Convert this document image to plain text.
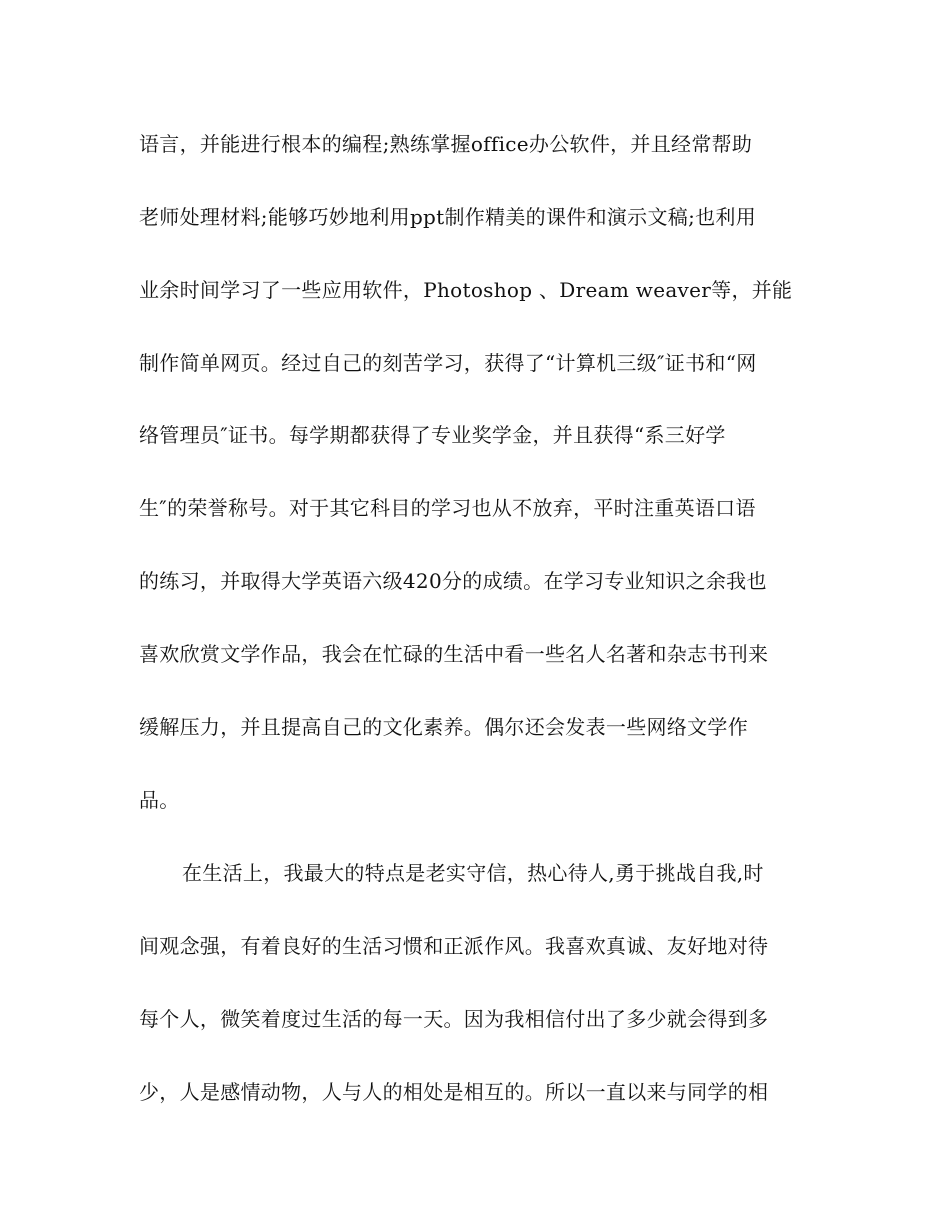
语言，并能进行根本的编程;熟练掌握office办公软件，并且经常帮助
老师处理材料;能够巧妙地利用ppt制作精美的课件和演示文稿;也利用
业余时间学习了一些应用软件，Photoshop 、Dream weaver等，并能
制作简单网页。经过自己的刻苦学习，获得了“计算机三级″证书和“网
络管理员″证书。每学期都获得了专业奖学金，并且获得“系三好学
生″的荣誉称号。对于其它科目的学习也从不放弃，平时注重英语口语
的练习，并取得大学英语六级420分的成绩。在学习专业知识之余我也
喜欢欣赏文学作品，我会在忙碌的生活中看一些名人名著和杂志书刊来
缓解压力，并且提高自己的文化素养。偶尔还会发表一些网络文学作
品。
在生活上，我最大的特点是老实守信，热心待人,勇于挑战自我,时
间观念强，有着良好的生活习惯和正派作风。我喜欢真诚、友好地对待
每个人，微笑着度过生活的每一天。因为我相信付出了多少就会得到多
少，人是感情动物，人与人的相处是相互的。所以一直以来与同学的相
